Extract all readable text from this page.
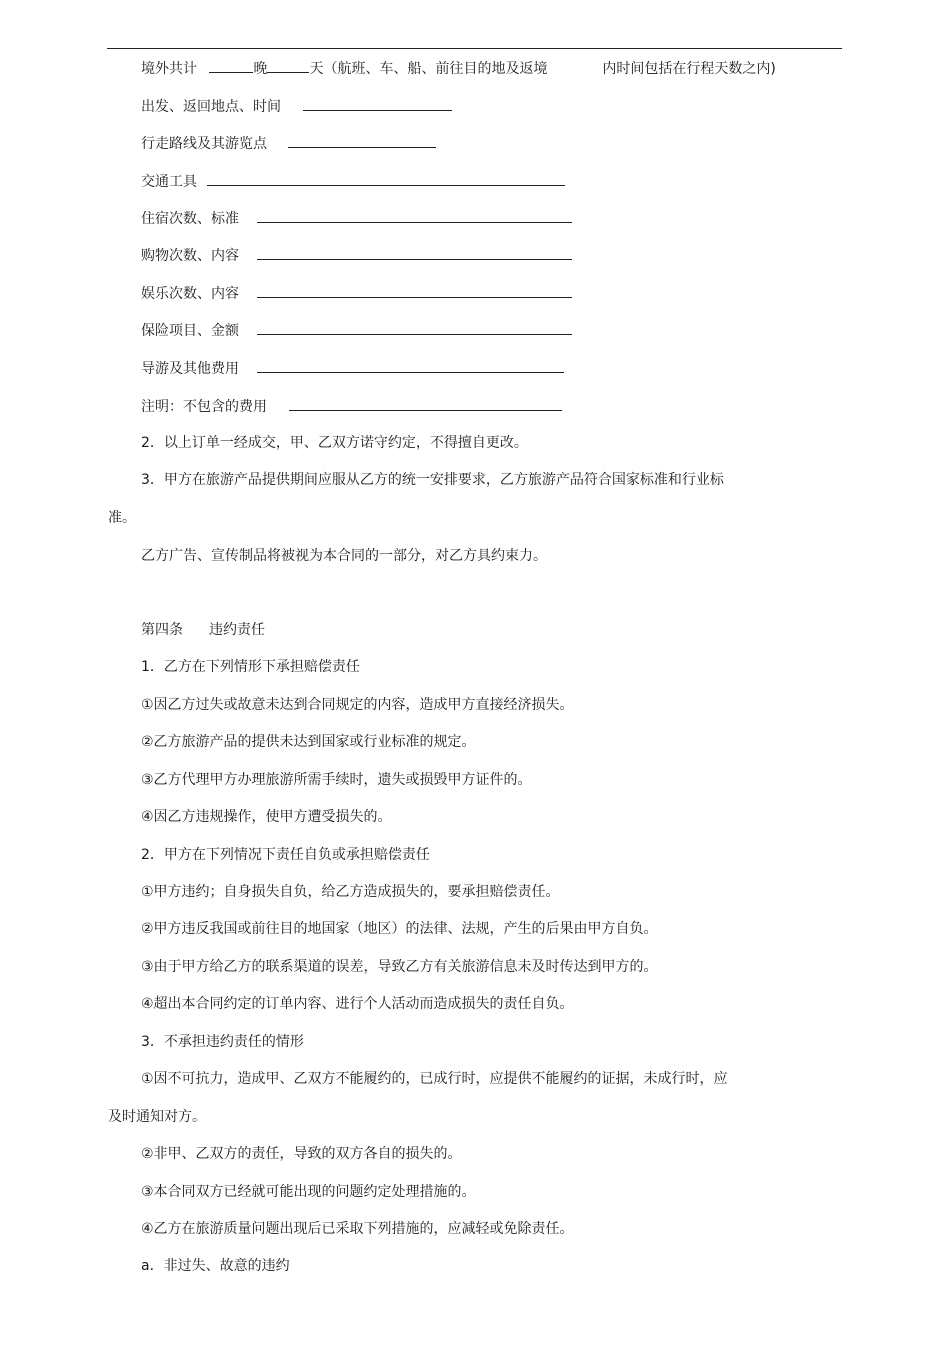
境外共计	晚	天（航班、车、船、前往目的地及返境	内时间包括在行程天数之内)
出发、返回地点、时间
行走路线及其游览点
交通工具
住宿次数、标准
购物次数、内容
娱乐次数、内容
保险项目、金额
导游及其他费用
注明：不包含的费用
2．以上订单一经成交，甲、乙双方诺守约定，不得擅自更改。
3．甲方在旅游产品提供期间应服从乙方的统一安排要求，乙方旅游产品符合国家标准和行业标
准。
乙方广告、宣传制品将被视为本合同的一部分，对乙方具约束力。
第四条 违约责任
1．乙方在下列情形下承担赔偿责任
①因乙方过失或故意未达到合同规定的内容，造成甲方直接经济损失。
②乙方旅游产品的提供未达到国家或行业标准的规定。
③乙方代理甲方办理旅游所需手续时，遗失或损毁甲方证件的。
④因乙方违规操作，使甲方遭受损失的。
2．甲方在下列情况下责任自负或承担赔偿责任
①甲方违约；自身损失自负，给乙方造成损失的，要承担赔偿责任。
②甲方违反我国或前往目的地国家（地区）的法律、法规，产生的后果由甲方自负。
③由于甲方给乙方的联系渠道的误差，导致乙方有关旅游信息未及时传达到甲方的。
④超出本合同约定的订单内容、进行个人活动而造成损失的责任自负。
3．不承担违约责任的情形
①因不可抗力，造成甲、乙双方不能履约的，已成行时，应提供不能履约的证据，未成行时，应
及时通知对方。
②非甲、乙双方的责任，导致的双方各自的损失的。
③本合同双方已经就可能出现的问题约定处理措施的。
④乙方在旅游质量问题出现后已采取下列措施的，应减轻或免除责任。
a．非过失、故意的违约
